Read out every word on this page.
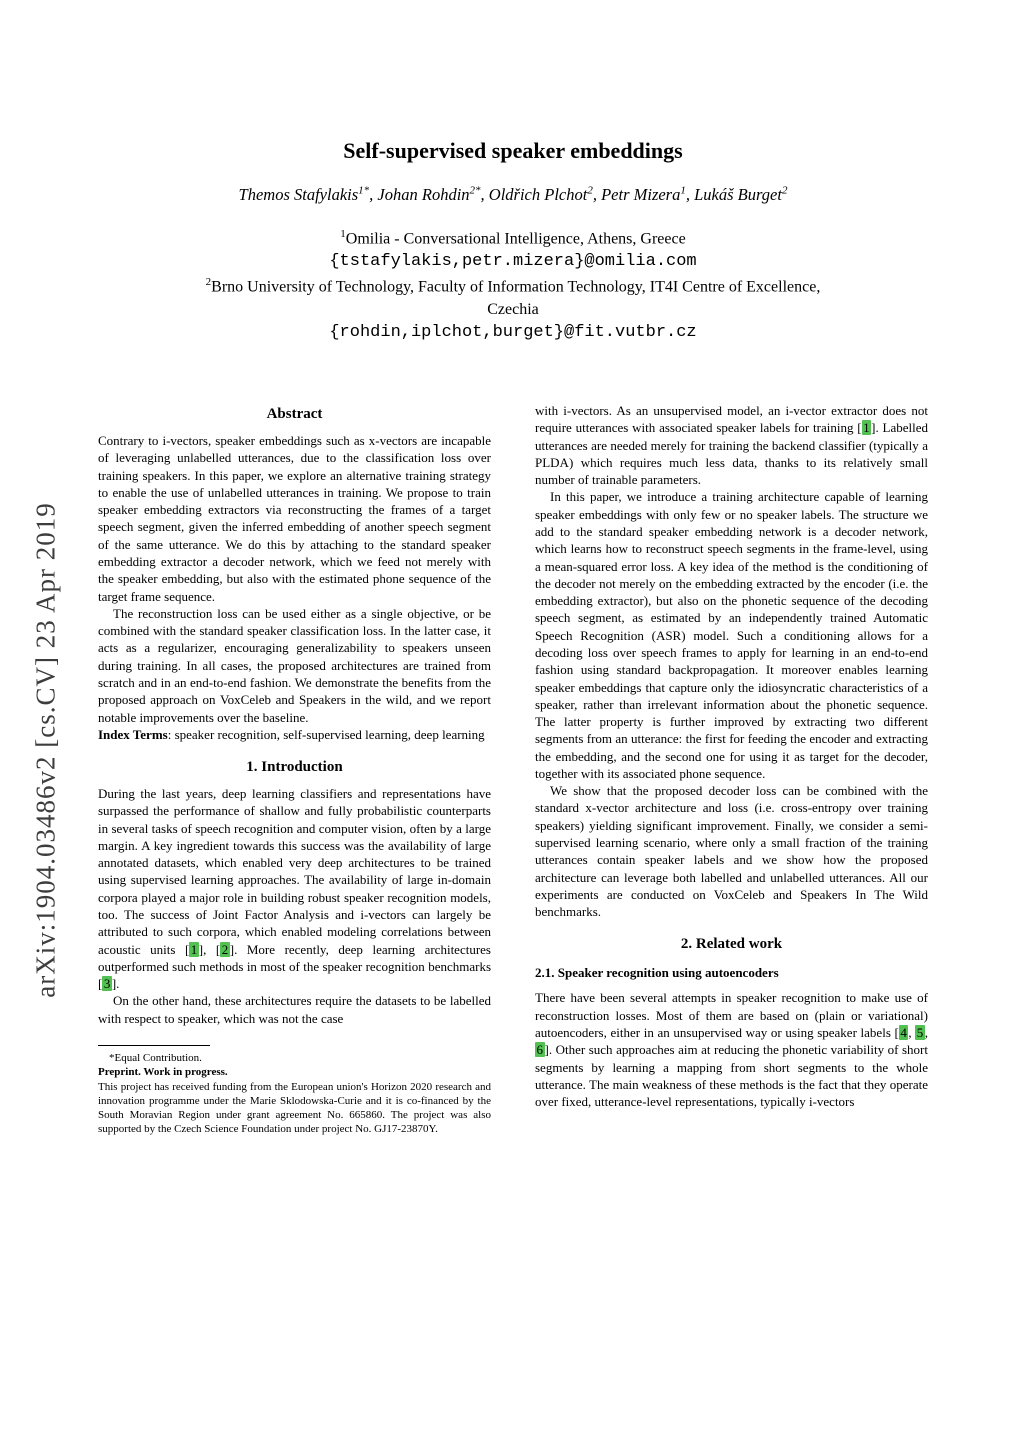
arXiv:1904.03486v2 [cs.CV] 23 Apr 2019
Self-supervised speaker embeddings
Themos Stafylakis$^{1*}$, Johan Rohdin$^{2*}$, Oldřich Plchot$^2$, Petr Mizera$^1$, Lukáš Burget$^2$
$^1$Omilia - Conversational Intelligence, Athens, Greece
{tstafylakis,petr.mizera}@omilia.com
$^2$Brno University of Technology, Faculty of Information Technology, IT4I Centre of Excellence,
Czechia
{rohdin,iplchot,burget}@fit.vutbr.cz
Abstract

Contrary to i-vectors, speaker embeddings such as x-vectors are incapable of leveraging unlabelled utterances, due to the classification loss over training speakers. In this paper, we explore an alternative training strategy to enable the use of unlabelled utterances in training. We propose to train speaker embedding extractors via reconstructing the frames of a target speech segment, given the inferred embedding of another speech segment of the same utterance. We do this by attaching to the standard speaker embedding extractor a decoder network, which we feed not merely with the speaker embedding, but also with the estimated phone sequence of the target frame sequence.

The reconstruction loss can be used either as a single objective, or be combined with the standard speaker classification loss. In the latter case, it acts as a regularizer, encouraging generalizability to speakers unseen during training. In all cases, the proposed architectures are trained from scratch and in an end-to-end fashion. We demonstrate the benefits from the proposed approach on VoxCeleb and Speakers in the wild, and we report notable improvements over the baseline.

Index Terms: speaker recognition, self-supervised learning, deep learning

1. Introduction

During the last years, deep learning classifiers and representations have surpassed the performance of shallow and fully probabilistic counterparts in several tasks of speech recognition and computer vision, often by a large margin. A key ingredient towards this success was the availability of large annotated datasets, which enabled very deep architectures to be trained using supervised learning approaches. The availability of large in-domain corpora played a major role in building robust speaker recognition models, too. The success of Joint Factor Analysis and i-vectors can largely be attributed to such corpora, which enabled modeling correlations between acoustic units [ 1 ], [ 2 ]. More recently, deep learning architectures outperformed such methods in most of the speaker recognition benchmarks [ 3 ].

On the other hand, these architectures require the datasets to be labelled with respect to speaker, which was not the case

*Equal Contribution.

Preprint. Work in progress.

This project has received funding from the European union's Horizon 2020 research and innovation programme under the Marie Sklodowska-Curie and it is co-financed by the South Moravian Region under grant agreement No. 665860. The project was also supported by the Czech Science Foundation under project No. GJ17-23870Y.

with i-vectors. As an unsupervised model, an i-vector extractor does not require utterances with associated speaker labels for training [ 1 ]. Labelled utterances are needed merely for training the backend classifier (typically a PLDA) which requires much less data, thanks to its relatively small number of trainable parameters.

In this paper, we introduce a training architecture capable of learning speaker embeddings with only few or no speaker labels. The structure we add to the standard speaker embedding network is a decoder network, which learns how to reconstruct speech segments in the frame-level, using a mean-squared error loss. A key idea of the method is the conditioning of the decoder not merely on the embedding extracted by the encoder (i.e. the embedding extractor), but also on the phonetic sequence of the decoding speech segment, as estimated by an independently trained Automatic Speech Recognition (ASR) model. Such a conditioning allows for a decoding loss over speech frames to apply for learning in an end-to-end fashion using standard backpropagation. It moreover enables learning speaker embeddings that capture only the idiosyncratic characteristics of a speaker, rather than irrelevant information about the phonetic sequence. The latter property is further improved by extracting two different segments from an utterance: the first for feeding the encoder and extracting the embedding, and the second one for using it as target for the decoder, together with its associated phone sequence.

We show that the proposed decoder loss can be combined with the standard x-vector architecture and loss (i.e. cross-entropy over training speakers) yielding significant improvement. Finally, we consider a semi-supervised learning scenario, where only a small fraction of the training utterances contain speaker labels and we show how the proposed architecture can leverage both labelled and unlabelled utterances. All our experiments are conducted on VoxCeleb and Speakers In The Wild benchmarks.

2. Related work
2.1. Speaker recognition using autoencoders

There have been several attempts in speaker recognition to make use of reconstruction losses. Most of them are based on (plain or variational) autoencoders, either in an unsupervised way or using speaker labels [ 4 , 5 , 6 ]. Other such approaches aim at reducing the phonetic variability of short segments by learning a mapping from short segments to the whole utterance. The main weakness of these methods is the fact that they operate over fixed, utterance-level representations, typically i-vectors
